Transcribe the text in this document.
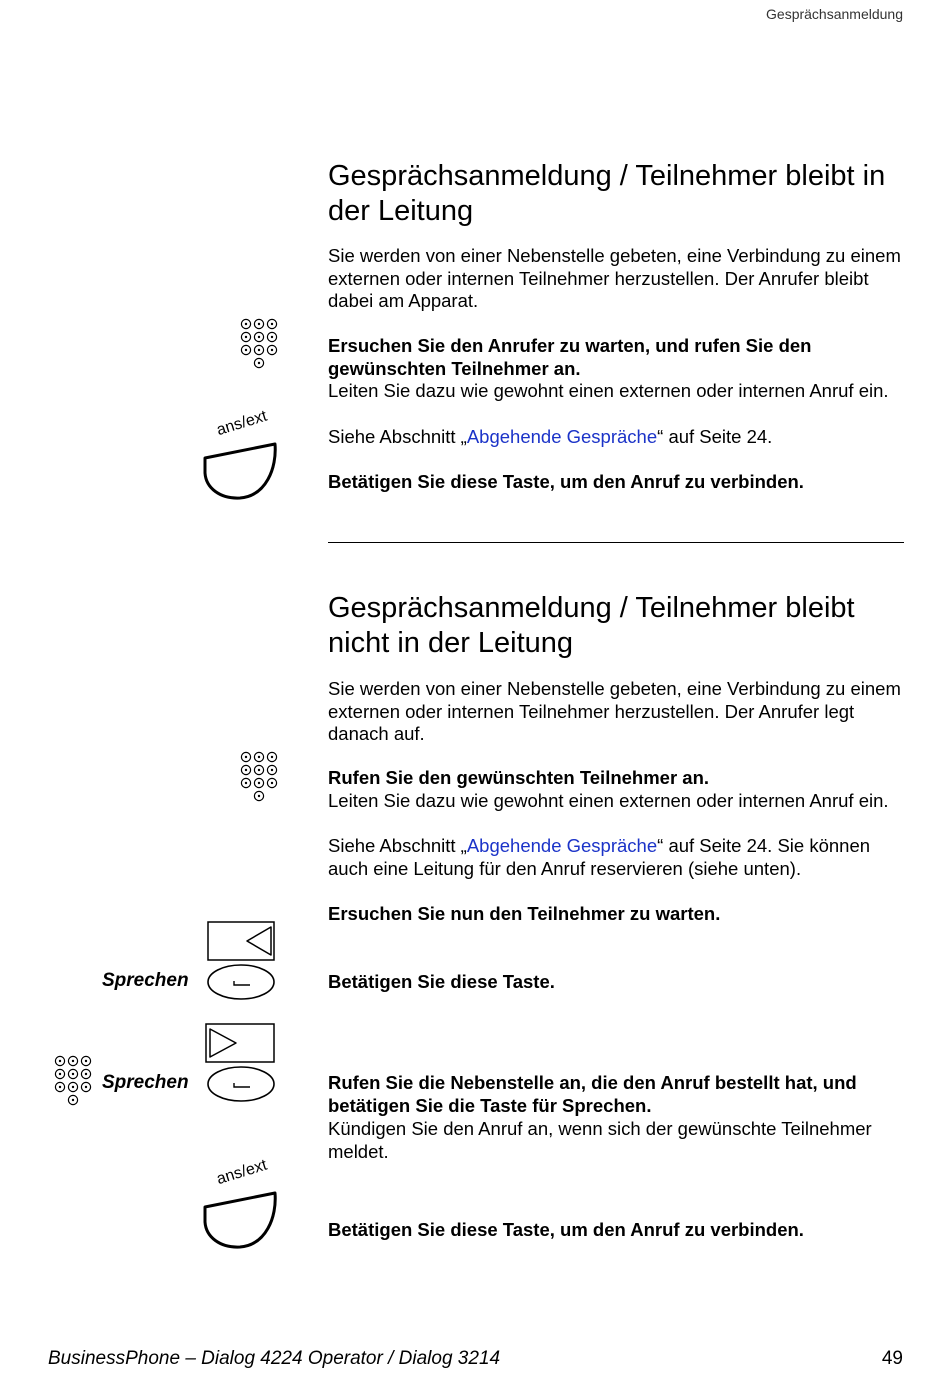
Gesprächsanmeldung
Gesprächsanmeldung / Teilnehmer bleibt in der Leitung

Sie werden von einer Nebenstelle gebeten, eine Verbindung zu einem externen oder internen Teilnehmer herzustellen. Der Anrufer bleibt dabei am Apparat.

Ersuchen Sie den Anrufer zu warten, und rufen Sie den gewünschten Teilnehmer an.

Leiten Sie dazu wie gewohnt einen externen oder internen Anruf ein.

Siehe Abschnitt „Abgehende Gespräche“ auf Seite 24.

ans/ext

Betätigen Sie diese Taste, um den Anruf zu verbinden.

Gesprächsanmeldung / Teilnehmer bleibt nicht in der Leitung

Sie werden von einer Nebenstelle gebeten, eine Verbindung zu einem externen oder internen Teilnehmer herzustellen. Der Anrufer legt danach auf.

Rufen Sie den gewünschten Teilnehmer an.

Leiten Sie dazu wie gewohnt einen externen oder internen Anruf ein.

Siehe Abschnitt „Abgehende Gespräche“ auf Seite 24. Sie können auch eine Leitung für den Anruf reservieren (siehe unten).

Ersuchen Sie nun den Teilnehmer zu warten.

Sprechen	Betätigen Sie diese Taste.

Sprechen	Rufen Sie die Nebenstelle an, die den Anruf bestellt hat, und betätigen Sie die Taste für Sprechen.

Kündigen Sie den Anruf an, wenn sich der gewünschte Teilnehmer meldet.

ans/ext

Betätigen Sie diese Taste, um den Anruf zu verbinden.

BusinessPhone – Dialog 4224 Operator / Dialog 3214	49
